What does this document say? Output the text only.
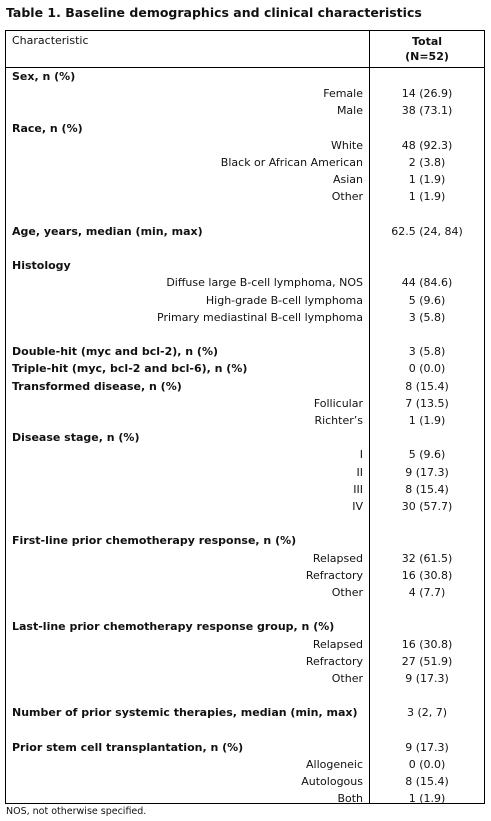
Table 1. Baseline demographics and clinical characteristics
Characteristic	Total
(N=52)
Sex, n (%)
Female	14 (26.9)
Male	38 (73.1)
Race, n (%)
White	48 (92.3)
Black or African American	2 (3.8)
Asian	1 (1.9)
Other	1 (1.9)
Age, years, median (min, max)	62.5 (24, 84)
Histology
Diffuse large B-cell lymphoma, NOS	44 (84.6)
High-grade B-cell lymphoma	5 (9.6)
Primary mediastinal B-cell lymphoma	3 (5.8)
Double-hit (myc and bcl-2), n (%)	3 (5.8)
Triple-hit (myc, bcl-2 and bcl-6), n (%)	0 (0.0)
Transformed disease, n (%)	8 (15.4)
Follicular	7 (13.5)
Richter’s	1 (1.9)
Disease stage, n (%)
I	5 (9.6)
II	9 (17.3)
III	8 (15.4)
IV	30 (57.7)
First-line prior chemotherapy response, n (%)
Relapsed	32 (61.5)
Refractory	16 (30.8)
Other	4 (7.7)
Last-line prior chemotherapy response group, n (%)
Relapsed	16 (30.8)
Refractory	27 (51.9)
Other	9 (17.3)
Number of prior systemic therapies, median (min, max)	3 (2, 7)
Prior stem cell transplantation, n (%)	9 (17.3)
Allogeneic	0 (0.0)
Autologous	8 (15.4)
Both	1 (1.9)
NOS, not otherwise specified.
